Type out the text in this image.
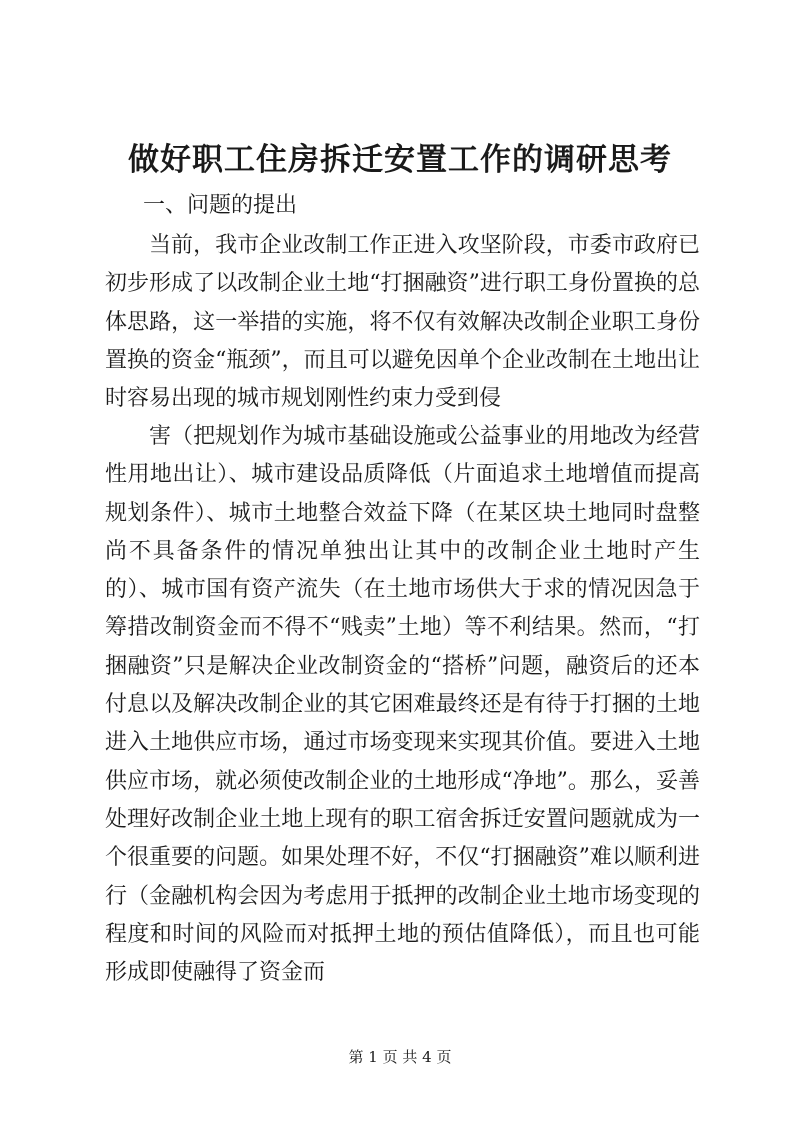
做好职工住房拆迁安置工作的调研思考
一、问题的提出

当前，我市企业改制工作正进入攻坚阶段，市委市政府已初步形成了以改制企业土地“打捆融资”进行职工身份置换的总体思路，这一举措的实施，将不仅有效解决改制企业职工身份置换的资金“瓶颈”，而且可以避免因单个企业改制在土地出让时容易出现的城市规划刚性约束力受到侵

害（把规划作为城市基础设施或公益事业的用地改为经营性用地出让）、城市建设品质降低（片面追求土地增值而提高规划条件）、城市土地整合效益下降（在某区块土地同时盘整尚不具备条件的情况单独出让其中的改制企业土地时产生的）、城市国有资产流失（在土地市场供大于求的情况因急于筹措改制资金而不得不“贱卖”土地）等不利结果。然而，“打捆融资”只是解决企业改制资金的“搭桥”问题，融资后的还本付息以及解决改制企业的其它困难最终还是有待于打捆的土地进入土地供应市场，通过市场变现来实现其价值。要进入土地供应市场，就必须使改制企业的土地形成“净地”。那么，妥善处理好改制企业土地上现有的职工宿舍拆迁安置问题就成为一个很重要的问题。如果处理不好，不仅“打捆融资”难以顺利进行（金融机构会因为考虑用于抵押的改制企业土地市场变现的程度和时间的风险而对抵押土地的预估值降低），而且也可能形成即使融得了资金而

第 1 页 共 4 页
